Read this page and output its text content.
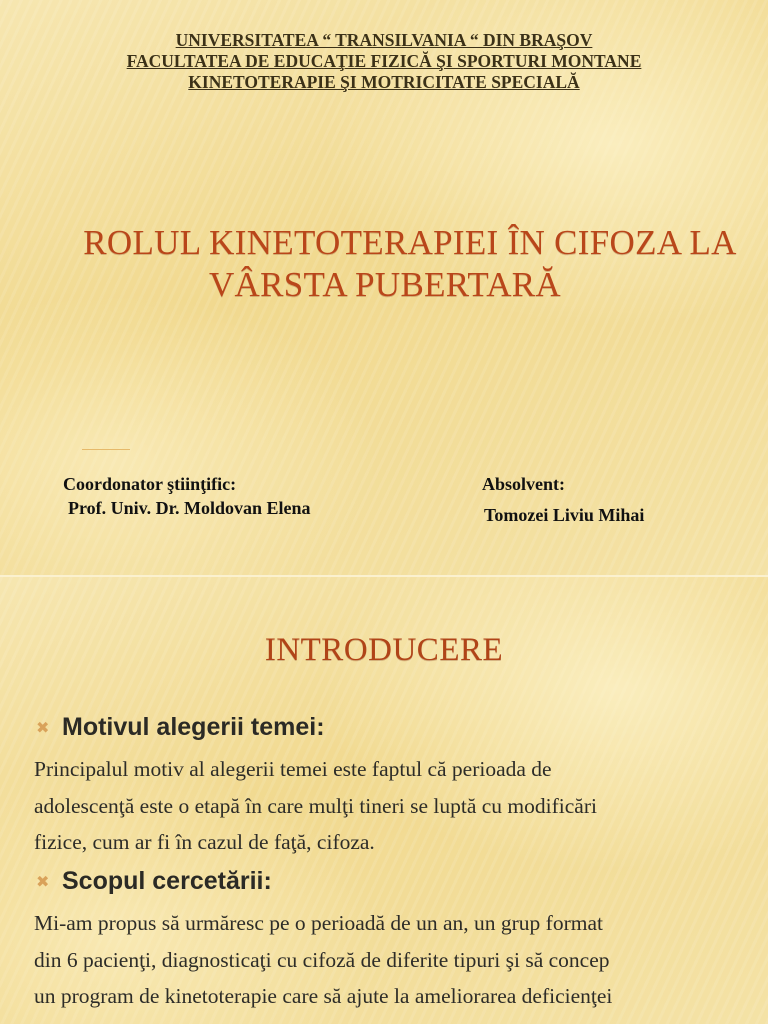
UNIVERSITATEA “ TRANSILVANIA “ DIN BRAŞOV
FACULTATEA DE EDUCAŢIE FIZICĂ ŞI SPORTURI MONTANE
KINETOTERAPIE ŞI MOTRICITATE SPECIALĂ
ROLUL KINETOTERAPIEI ÎN CIFOZA LA
VÂRSTA PUBERTARĂ
Coordonator ştiinţific:
Prof. Univ. Dr. Moldovan Elena
Absolvent:
Tomozei Liviu Mihai
INTRODUCERE
✖ Motivul alegerii temei:
Principalul motiv al alegerii temei este faptul că perioada de
adolescenţă este o etapă în care mulţi tineri se luptă cu modificări
fizice, cum ar fi în cazul de faţă, cifoza.
✖ Scopul cercetării:
Mi-am propus să urmăresc pe o perioadă de un an, un grup format
din 6 pacienţi, diagnosticaţi cu cifoză de diferite tipuri şi să concep
un program de kinetoterapie care să ajute la ameliorarea deficienţei
